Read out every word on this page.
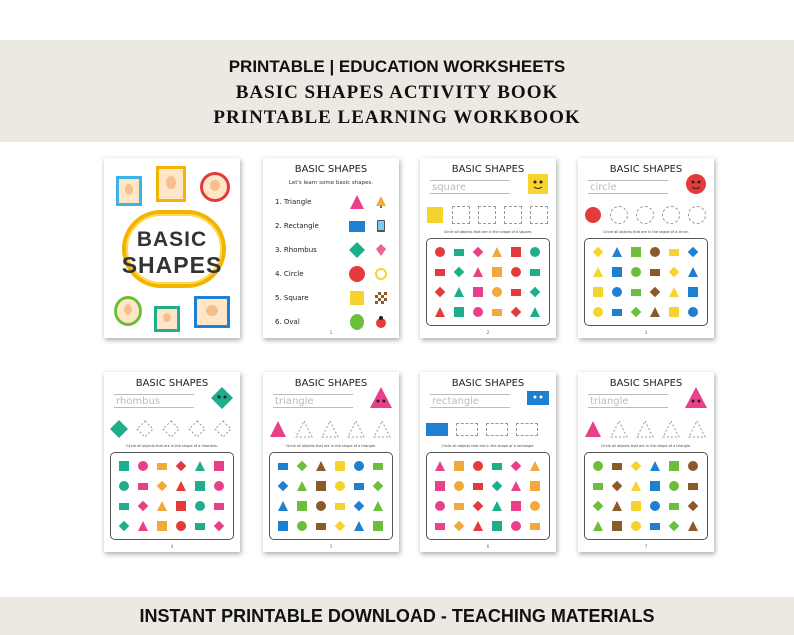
PRINTABLE | EDUCATION WORKSHEETS
BASIC SHAPES ACTIVITY BOOK
PRINTABLE LEARNING WORKBOOK
BASIC
SHAPES
BASIC SHAPES
Let's learn some basic shapes.
1. Triangle
2. Rectangle
3. Rhombus
4. Circle
5. Square
6. Oval
1
BASIC SHAPES
square
Circle all objects that are in the shape of a square.
2
BASIC SHAPES
circle
Circle all objects that are in the shape of a circle.
3
BASIC SHAPES
rhombus
Circle all objects that are in the shape of a rhombus.
4
BASIC SHAPES
triangle
Circle all objects that are in the shape of a triangle.
5
BASIC SHAPES
rectangle
Circle all objects that are in the shape of a rectangle.
6
BASIC SHAPES
triangle
Circle all objects that are in the shape of a triangle.
7
INSTANT PRINTABLE DOWNLOAD - TEACHING MATERIALS
